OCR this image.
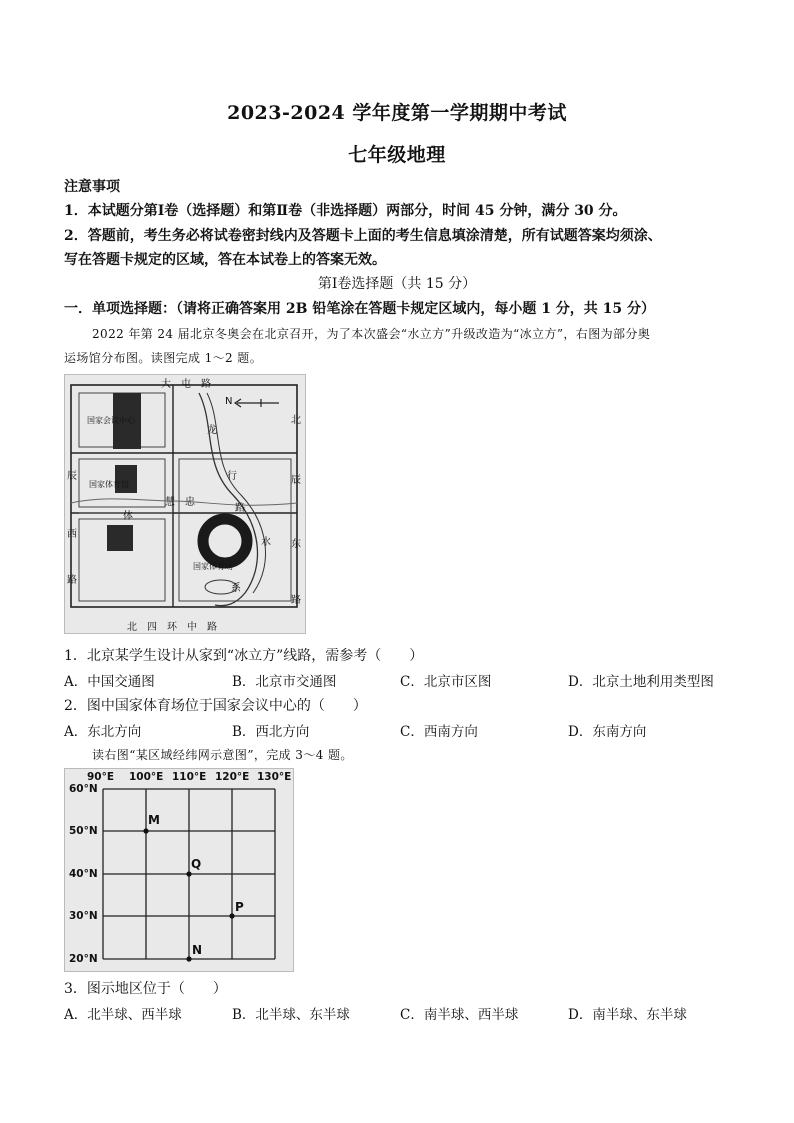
2023-2024 学年度第一学期期中考试
七年级地理
注意事项
1．本试题分第Ⅰ卷（选择题）和第Ⅱ卷（非选择题）两部分，时间 45 分钟，满分 30 分。
2．答题前，考生务必将试卷密封线内及答题卡上面的考生信息填涂清楚，所有试题答案均须涂、
写在答题卡规定的区域，答在本试卷上的答案无效。
第Ⅰ卷选择题（共 15 分）
一．单项选择题：（请将正确答案用 2B 铅笔涂在答题卡规定区域内，每小题 1 分，共 15 分）
2022 年第 24 届北京冬奥会在北京召开，为了本次盛会“水立方”升级改造为“冰立方”，右图为部分奥
运场馆分布图。读图完成 1～2 题。
大　屯　路
北　四　环　中　路
辰
西
路
北
辰
东
路
龙
行
路
慧　忠
体
水
系
国家会议中心
国家体育馆
国家体育场
N
1．北京某学生设计从家到“冰立方”线路，需参考（　　）
A．中国交通图	B．北京市交通图	C．北京市区图	D．北京土地利用类型图
2．图中国家体育场位于国家会议中心的（　　）
A．东北方向	B．西北方向	C．西南方向	D．东南方向
读右图“某区域经纬网示意图”，完成 3～4 题。
90°E 100°E 110°E 120°E 130°E
60°N
50°N
40°N
30°N
20°N
M
Q
P
N
3．图示地区位于（　　）
A．北半球、西半球	B．北半球、东半球	C．南半球、西半球	D．南半球、东半球
